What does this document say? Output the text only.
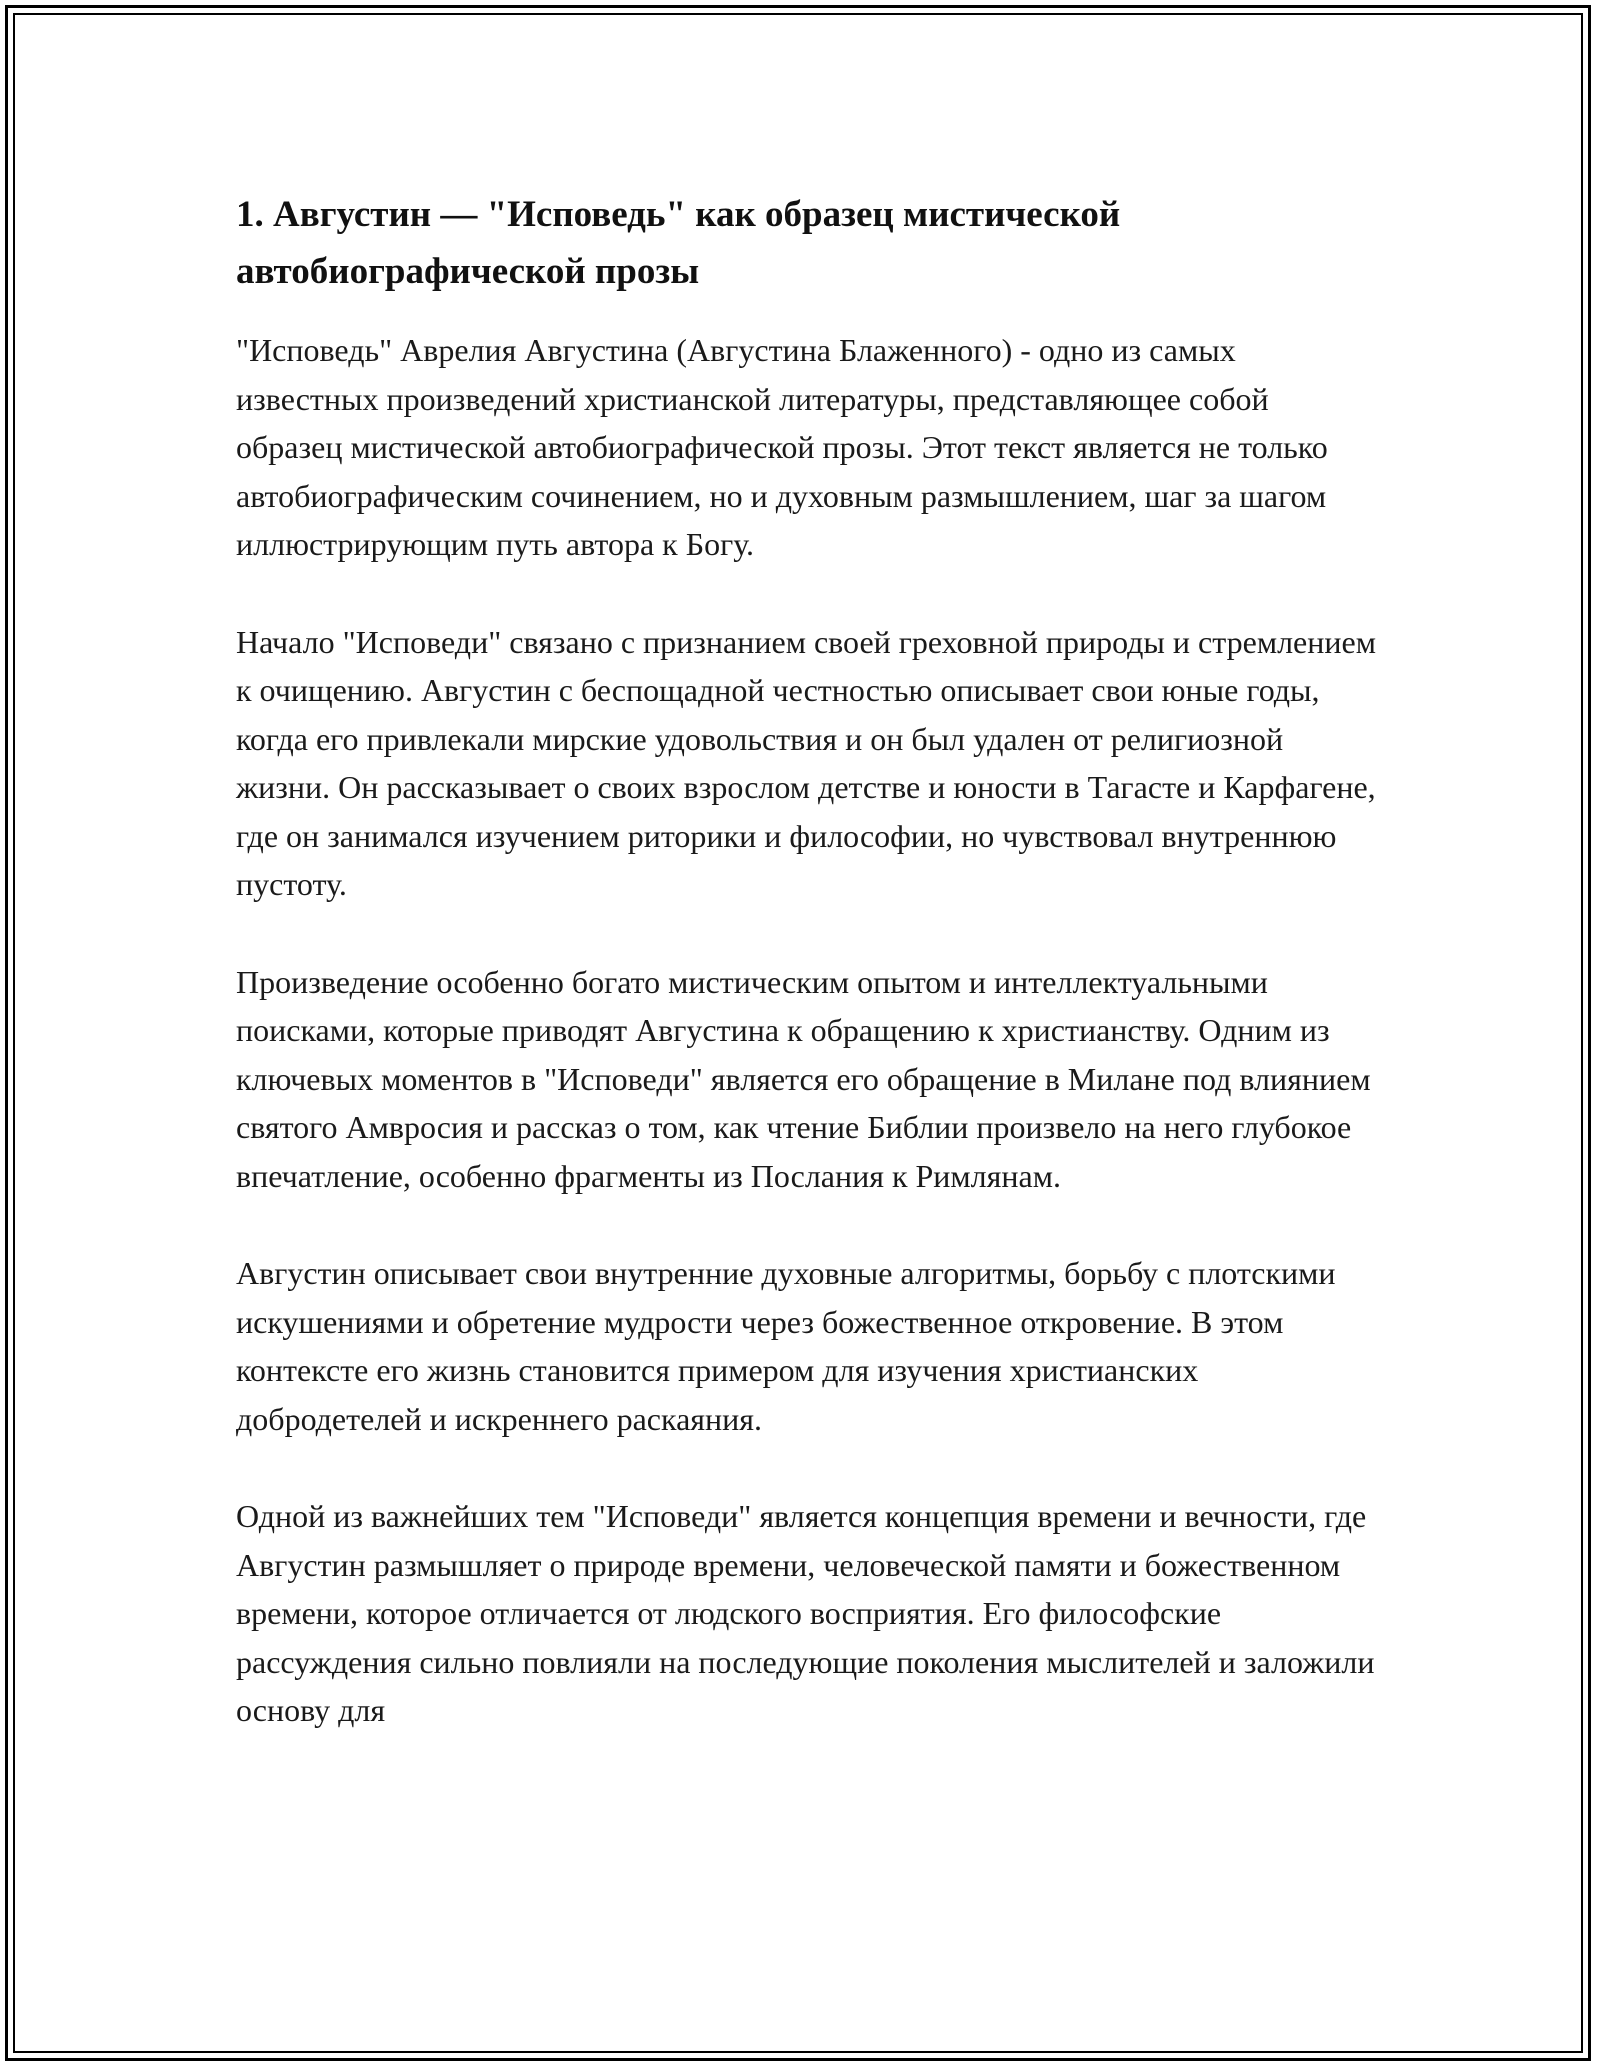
1. Августин — "Исповедь" как образец мистической автобиографической прозы

"Исповедь" Аврелия Августина (Августина Блаженного) - одно из самых известных произведений христианской литературы, представляющее собой образец мистической автобиографической прозы. Этот текст является не только автобиографическим сочинением, но и духовным размышлением, шаг за шагом иллюстрирующим путь автора к Богу.

Начало "Исповеди" связано с признанием своей греховной природы и стремлением к очищению. Августин с беспощадной честностью описывает свои юные годы, когда его привлекали мирские удовольствия и он был удален от религиозной жизни. Он рассказывает о своих взрослом детстве и юности в Тагасте и Карфагене, где он занимался изучением риторики и философии, но чувствовал внутреннюю пустоту.

Произведение особенно богато мистическим опытом и интеллектуальными поисками, которые приводят Августина к обращению к христианству. Одним из ключевых моментов в "Исповеди" является его обращение в Милане под влиянием святого Амвросия и рассказ о том, как чтение Библии произвело на него глубокое впечатление, особенно фрагменты из Послания к Римлянам.

Августин описывает свои внутренние духовные алгоритмы, борьбу с плотскими искушениями и обретение мудрости через божественное откровение. В этом контексте его жизнь становится примером для изучения христианских добродетелей и искреннего раскаяния.

Одной из важнейших тем "Исповеди" является концепция времени и вечности, где Августин размышляет о природе времени, человеческой памяти и божественном времени, которое отличается от людского восприятия. Его философские рассуждения сильно повлияли на последующие поколения мыслителей и заложили основу для
